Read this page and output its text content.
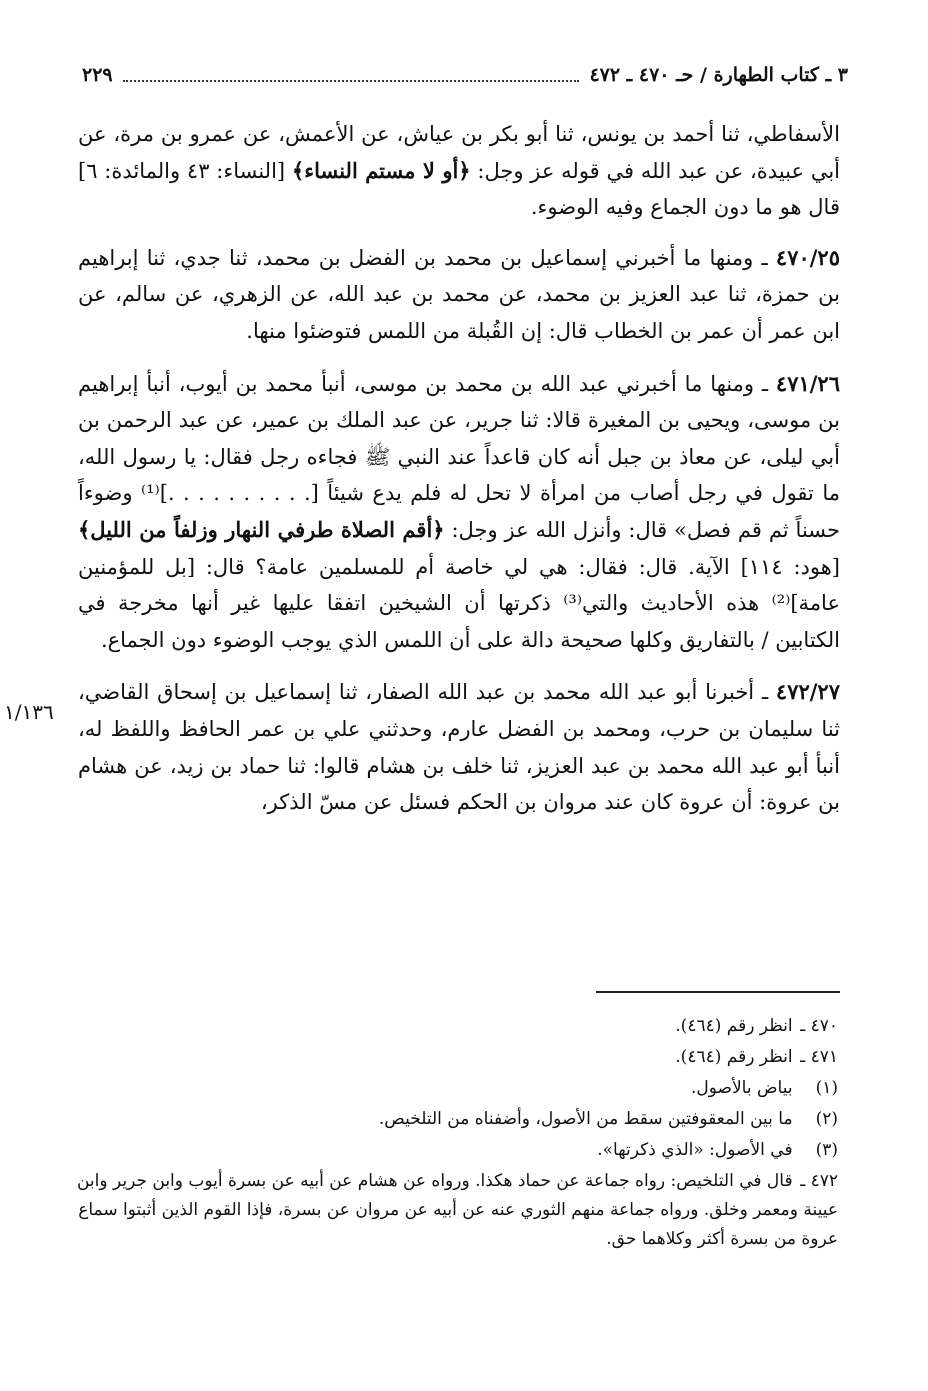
٣ ـ كتاب الطهارة / حـ ٤٧٠ ـ ٤٧٢
٢٢٩

الأسفاطي، ثنا أحمد بن يونس، ثنا أبو بكر بن عياش، عن الأعمش، عن عمرو بن مرة، عن أبي عبيدة، عن عبد الله في قوله عز وجل: ﴿أو لا مستم النساء﴾ [النساء: ٤٣ والمائدة: ٦] قال هو ما دون الجماع وفيه الوضوء.

٤٧٠/٢٥ ـ ومنها ما أخبرني إسماعيل بن محمد بن الفضل بن محمد، ثنا جدي، ثنا إبراهيم بن حمزة، ثنا عبد العزيز بن محمد، عن محمد بن عبد الله، عن الزهري، عن سالم، عن ابن عمر أن عمر بن الخطاب قال: إن القُبلة من اللمس فتوضئوا منها.

٤٧١/٢٦ ـ ومنها ما أخبرني عبد الله بن محمد بن موسى، أنبأ محمد بن أيوب، أنبأ إبراهيم بن موسى، ويحيى بن المغيرة قالا: ثنا جرير، عن عبد الملك بن عمير، عن عبد الرحمن بن أبي ليلى، عن معاذ بن جبل أنه كان قاعداً عند النبي ﷺ فجاءه رجل فقال: يا رسول الله، ما تقول في رجل أصاب من امرأة لا تحل له فلم يدع شيئاً [. . . . . . . . . .]⁽¹⁾ وضوءاً حسناً ثم قم فصل» قال: وأنزل الله عز وجل: ﴿أقم الصلاة طرفي النهار وزلفاً من الليل﴾[هود: ١١٤] الآية. قال: فقال: هي لي خاصة أم للمسلمين عامة؟ قال: [بل للمؤمنين عامة]⁽²⁾ هذه الأحاديث والتي⁽³⁾ ذكرتها أن الشيخين اتفقا عليها غير أنها مخرجة في الكتابين / بالتفاريق وكلها صحيحة دالة على أن اللمس الذي يوجب الوضوء دون الجماع.

٤٧٢/٢٧ ـ أخبرنا أبو عبد الله محمد بن عبد الله الصفار، ثنا إسماعيل بن إسحاق القاضي، ثنا سليمان بن حرب، ومحمد بن الفضل عارم، وحدثني علي بن عمر الحافظ واللفظ له، أنبأ أبو عبد الله محمد بن عبد العزيز، ثنا خلف بن هشام قالوا: ثنا حماد بن زيد، عن هشام بن عروة: أن عروة كان عند مروان بن الحكم فسئل عن مسّ الذكر،

١/١٣٦
٤٧٠ ـ انظر رقم (٤٦٤).
٤٧١ ـ انظر رقم (٤٦٤).
(١) بياض بالأصول.
(٢) ما بين المعقوفتين سقط من الأصول، وأضفناه من التلخيص.
(٣) في الأصول: «الذي ذكرتها».
٤٧٢ ـ قال في التلخيص: رواه جماعة عن حماد هكذا. ورواه عن هشام عن أبيه عن بسرة أيوب وابن جرير وابن عيينة ومعمر وخلق. ورواه جماعة منهم الثوري عنه عن أبيه عن مروان عن بسرة، فإذا القوم الذين أثبتوا سماع عروة من بسرة أكثر وكلاهما حق.
